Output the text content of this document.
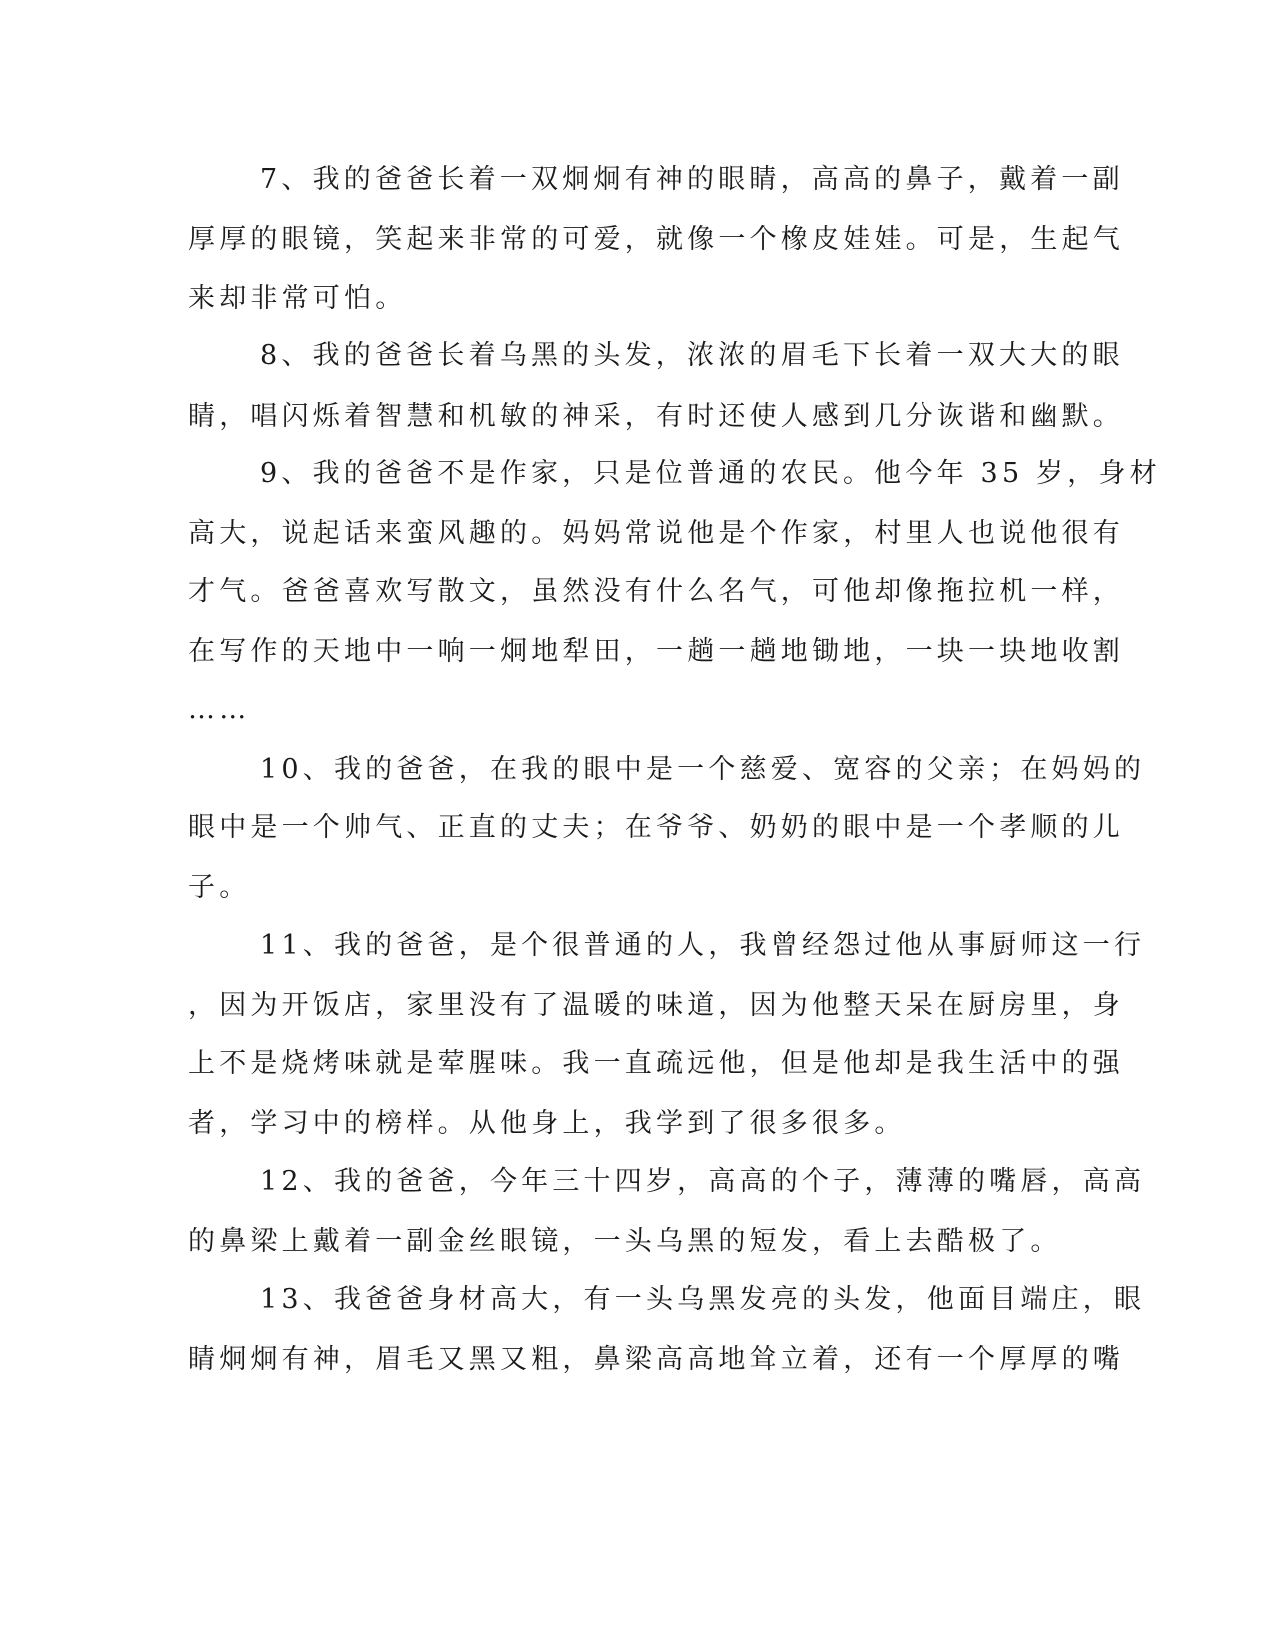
7、我的爸爸长着一双炯炯有神的眼睛，高高的鼻子，戴着一副
厚厚的眼镜，笑起来非常的可爱，就像一个橡皮娃娃。可是，生起气
来却非常可怕。
8、我的爸爸长着乌黑的头发，浓浓的眉毛下长着一双大大的眼
睛，唱闪烁着智慧和机敏的神采，有时还使人感到几分诙谐和幽默。
9、我的爸爸不是作家，只是位普通的农民。他今年 35 岁，身材
高大，说起话来蛮风趣的。妈妈常说他是个作家，村里人也说他很有
才气。爸爸喜欢写散文，虽然没有什么名气，可他却像拖拉机一样，
在写作的天地中一响一炯地犁田，一趟一趟地锄地，一块一块地收割
……
10、我的爸爸，在我的眼中是一个慈爱、宽容的父亲；在妈妈的
眼中是一个帅气、正直的丈夫；在爷爷、奶奶的眼中是一个孝顺的儿
子。
11、我的爸爸，是个很普通的人，我曾经怨过他从事厨师这一行
，因为开饭店，家里没有了温暖的味道，因为他整天呆在厨房里，身
上不是烧烤味就是荤腥味。我一直疏远他，但是他却是我生活中的强
者，学习中的榜样。从他身上，我学到了很多很多。
12、我的爸爸，今年三十四岁，高高的个子，薄薄的嘴唇，高高
的鼻梁上戴着一副金丝眼镜，一头乌黑的短发，看上去酷极了。
13、我爸爸身材高大，有一头乌黑发亮的头发，他面目端庄，眼
睛炯炯有神，眉毛又黑又粗，鼻梁高高地耸立着，还有一个厚厚的嘴
